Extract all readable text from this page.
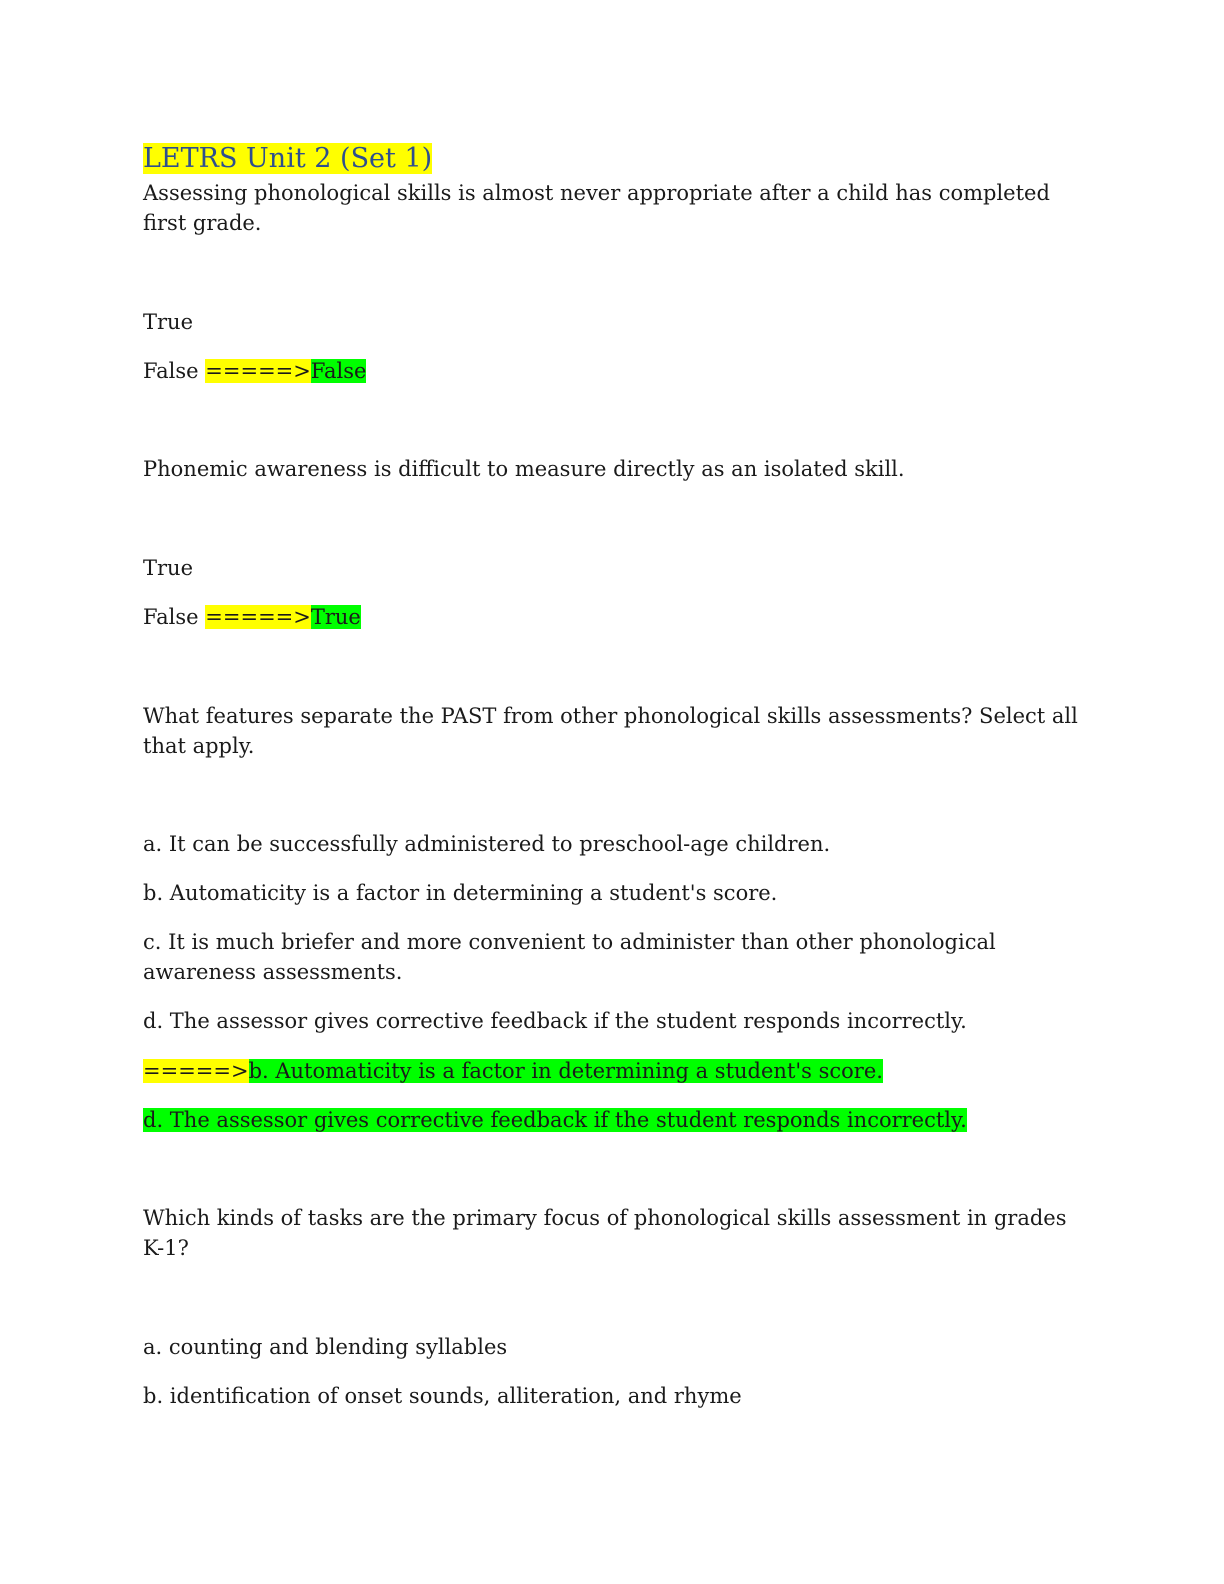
LETRS Unit 2 (Set 1)

Assessing phonological skills is almost never appropriate after a child has completed first grade.

True

False =====>False

Phonemic awareness is difficult to measure directly as an isolated skill.

True

False =====>True

What features separate the PAST from other phonological skills assessments? Select all that apply.

a. It can be successfully administered to preschool-age children.

b. Automaticity is a factor in determining a student's score.

c. It is much briefer and more convenient to administer than other phonological awareness assessments.

d. The assessor gives corrective feedback if the student responds incorrectly.

=====>b. Automaticity is a factor in determining a student's score.

d. The assessor gives corrective feedback if the student responds incorrectly.

Which kinds of tasks are the primary focus of phonological skills assessment in grades K-1?

a. counting and blending syllables

b. identification of onset sounds, alliteration, and rhyme
